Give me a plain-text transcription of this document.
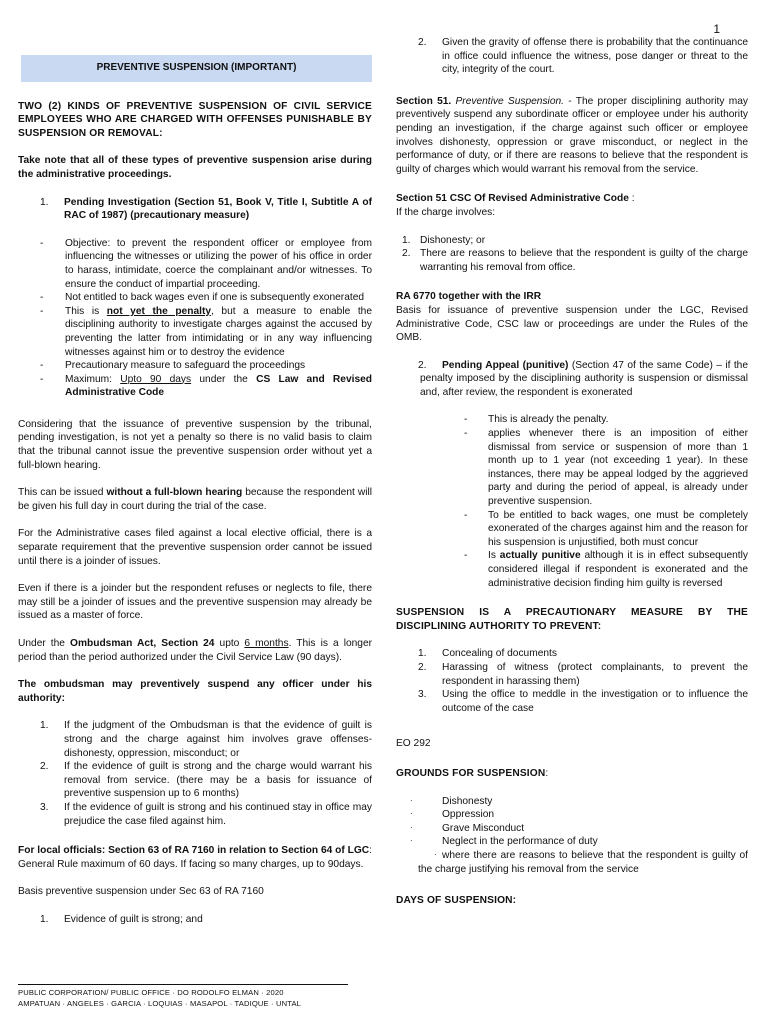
1
PREVENTIVE SUSPENSION (IMPORTANT)

TWO (2) KINDS OF PREVENTIVE SUSPENSION OF CIVIL SERVICE EMPLOYEES WHO ARE CHARGED WITH OFFENSES PUNISHABLE BY SUSPENSION OR REMOVAL:

Take note that all of these types of preventive suspension arise during the administrative proceedings.

1. Pending Investigation (Section 51, Book V, Title I, Subtitle A of RAC of 1987) (precautionary measure)
- Objective: to prevent the respondent officer or employee from influencing the witnesses or utilizing the power of his office in order to harass, intimidate, coerce the complainant and/or witnesses. To ensure the conduct of impartial proceeding.
- Not entitled to back wages even if one is subsequently exonerated
- This is not yet the penalty, but a measure to enable the disciplining authority to investigate charges against the accused by preventing the latter from intimidating or in any way influencing witnesses against him or to destroy the evidence
- Precautionary measure to safeguard the proceedings
- Maximum: Upto 90 days under the CS Law and Revised Administrative Code

Considering that the issuance of preventive suspension by the tribunal, pending investigation, is not yet a penalty so there is no valid basis to claim that the tribunal cannot issue the preventive suspension order without yet a full-blown hearing.

This can be issued without a full-blown hearing because the respondent will be given his full day in court during the trial of the case.

For the Administrative cases filed against a local elective official, there is a separate requirement that the preventive suspension order cannot be issued until there is a joinder of issues.

Even if there is a joinder but the respondent refuses or neglects to file, there may still be a joinder of issues and the preventive suspension may already be issued as a master of force.

Under the Ombudsman Act, Section 24 upto 6 months. This is a longer period than the period authorized under the Civil Service Law (90 days).

The ombudsman may preventively suspend any officer under his authority:

1. If the judgment of the Ombudsman is that the evidence of guilt is strong and the charge against him involves grave offenses- dishonesty, oppression, misconduct; or
2. If the evidence of guilt is strong and the charge would warrant his removal from service. (there may be a basis for issuance of preventive suspension up to 6 months)
3. If the evidence of guilt is strong and his continued stay in office may prejudice the case filed against him.

For local officials: Section 63 of RA 7160 in relation to Section 64 of LGC: General Rule maximum of 60 days. If facing so many charges, up to 90days.

Basis preventive suspension under Sec 63 of RA 7160

1. Evidence of guilt is strong; and
2. Given the gravity of offense there is probability that the continuance in office could influence the witness, pose danger or threat to the city, integrity of the court.

Section 51. Preventive Suspension. - The proper disciplining authority may preventively suspend any subordinate officer or employee under his authority pending an investigation, if the charge against such officer or employee involves dishonesty, oppression or grave misconduct, or neglect in the performance of duty, or if there are reasons to believe that the respondent is guilty of charges which would warrant his removal from the service.

Section 51 CSC Of Revised Administrative Code :

If the charge involves:

1. Dishonesty; or
2. There are reasons to believe that the respondent is guilty of the charge warranting his removal from office.

RA 6770 together with the IRR

Basis for issuance of preventive suspension under the LGC, Revised Administrative Code, CSC law or proceedings are under the Rules of the OMB.

2. Pending Appeal (punitive) (Section 47 of the same Code) – if the penalty imposed by the disciplining authority is suspension or dismissal and, after review, the respondent is exonerated
- This is already the penalty.
- applies whenever there is an imposition of either dismissal from service or suspension of more than 1 month up to 1 year (not exceeding 1 year). In these instances, there may be appeal lodged by the aggrieved party and during the period of appeal, is already under preventive suspension.
- To be entitled to back wages, one must be completely exonerated of the charges against him and the reason for his suspension is unjustified, both must concur
- Is actually punitive although it is in effect subsequently considered illegal if respondent is exonerated and the administrative decision finding him guilty is reversed

SUSPENSION IS A PRECAUTIONARY MEASURE BY THE DISCIPLINING AUTHORITY TO PREVENT:

1. Concealing of documents
2. Harassing of witness (protect complainants, to prevent the respondent in harassing them)
3. Using the office to meddle in the investigation or to influence the outcome of the case

EO 292

GROUNDS FOR SUSPENSION:

·	Dishonesty
·	Oppression
·	Grave Misconduct
·	Neglect in the performance of duty
· where there are reasons to believe that the respondent is guilty of the charge justifying his removal from the service

DAYS OF SUSPENSION:

PUBLIC CORPORATION/ PUBLIC OFFICE · DO RODOLFO ELMAN · 2020
AMPATUAN · ANGELES · GARCIA · LOQUIAS · MASAPOL · TADIQUE · UNTAL
